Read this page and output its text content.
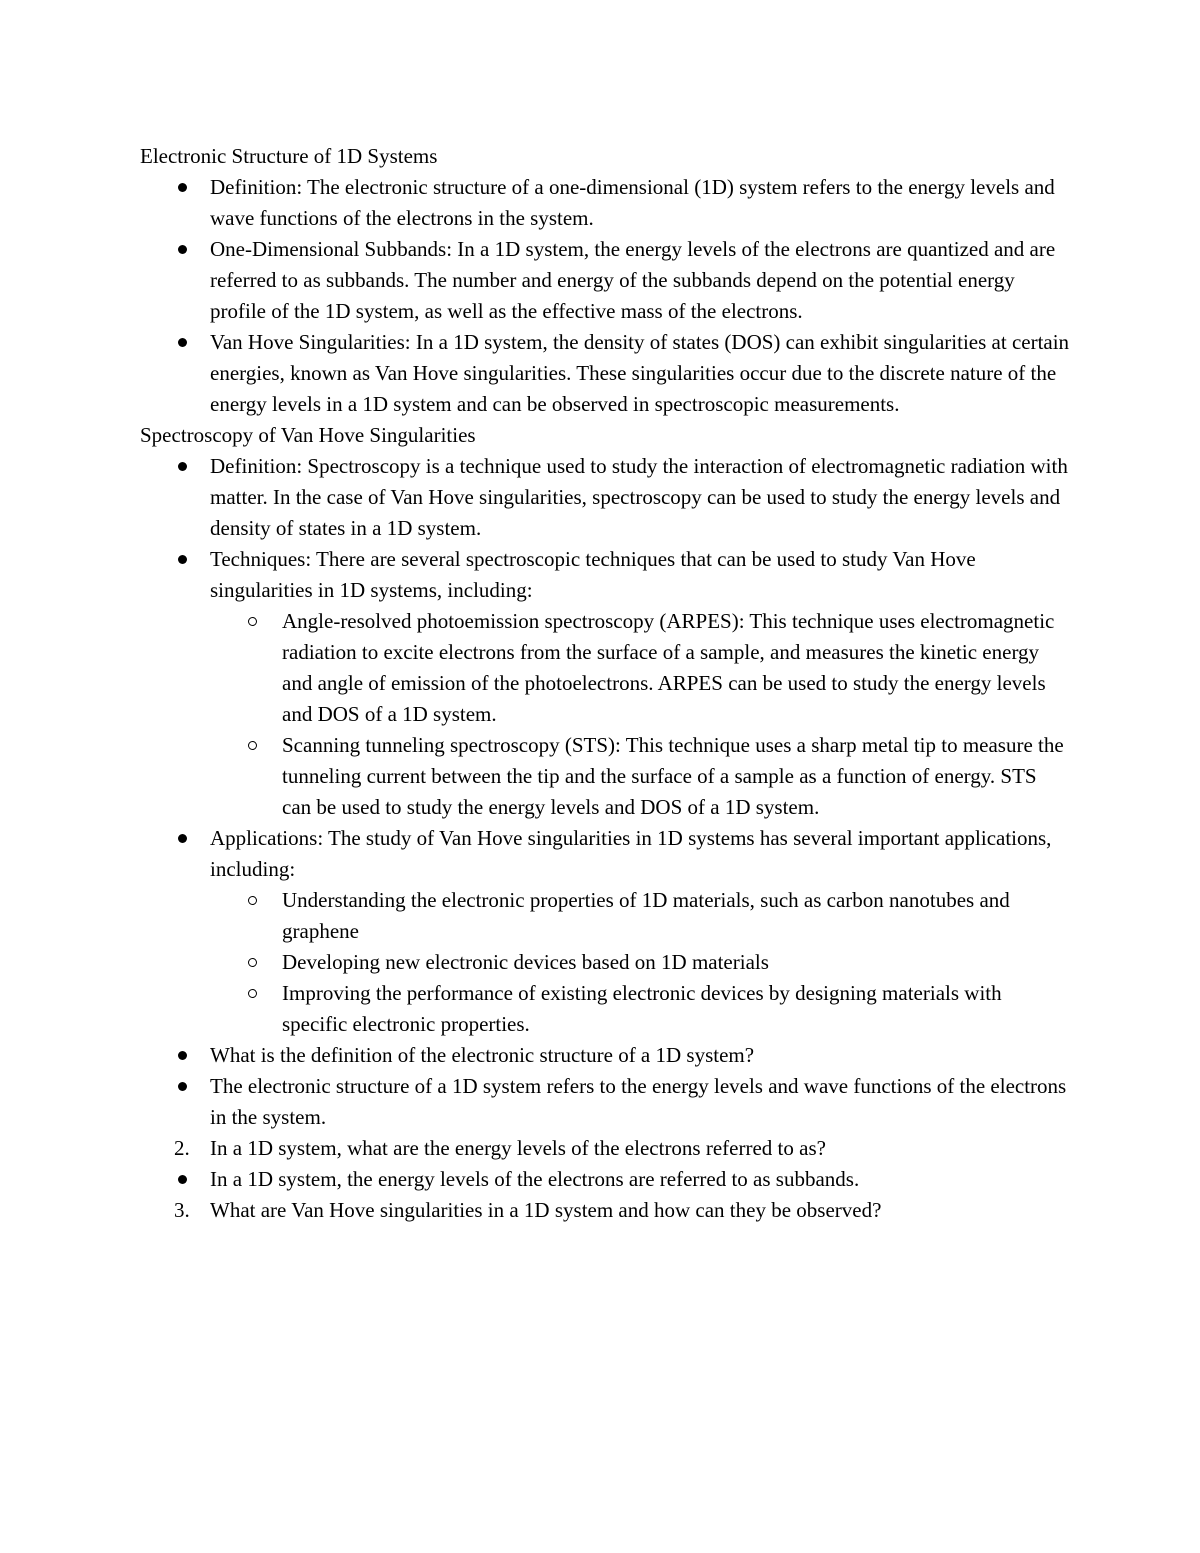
Electronic Structure of 1D Systems
Definition: The electronic structure of a one-dimensional (1D) system refers to the energy levels and wave functions of the electrons in the system.
One-Dimensional Subbands: In a 1D system, the energy levels of the electrons are quantized and are referred to as subbands. The number and energy of the subbands depend on the potential energy profile of the 1D system, as well as the effective mass of the electrons.
Van Hove Singularities: In a 1D system, the density of states (DOS) can exhibit singularities at certain energies, known as Van Hove singularities. These singularities occur due to the discrete nature of the energy levels in a 1D system and can be observed in spectroscopic measurements.
Spectroscopy of Van Hove Singularities
Definition: Spectroscopy is a technique used to study the interaction of electromagnetic radiation with matter. In the case of Van Hove singularities, spectroscopy can be used to study the energy levels and density of states in a 1D system.
Techniques: There are several spectroscopic techniques that can be used to study Van Hove singularities in 1D systems, including:
Angle-resolved photoemission spectroscopy (ARPES): This technique uses electromagnetic radiation to excite electrons from the surface of a sample, and measures the kinetic energy and angle of emission of the photoelectrons. ARPES can be used to study the energy levels and DOS of a 1D system.
Scanning tunneling spectroscopy (STS): This technique uses a sharp metal tip to measure the tunneling current between the tip and the surface of a sample as a function of energy. STS can be used to study the energy levels and DOS of a 1D system.
Applications: The study of Van Hove singularities in 1D systems has several important applications, including:
Understanding the electronic properties of 1D materials, such as carbon nanotubes and graphene
Developing new electronic devices based on 1D materials
Improving the performance of existing electronic devices by designing materials with specific electronic properties.
What is the definition of the electronic structure of a 1D system?
The electronic structure of a 1D system refers to the energy levels and wave functions of the electrons in the system.
2. In a 1D system, what are the energy levels of the electrons referred to as?
In a 1D system, the energy levels of the electrons are referred to as subbands.
3. What are Van Hove singularities in a 1D system and how can they be observed?
